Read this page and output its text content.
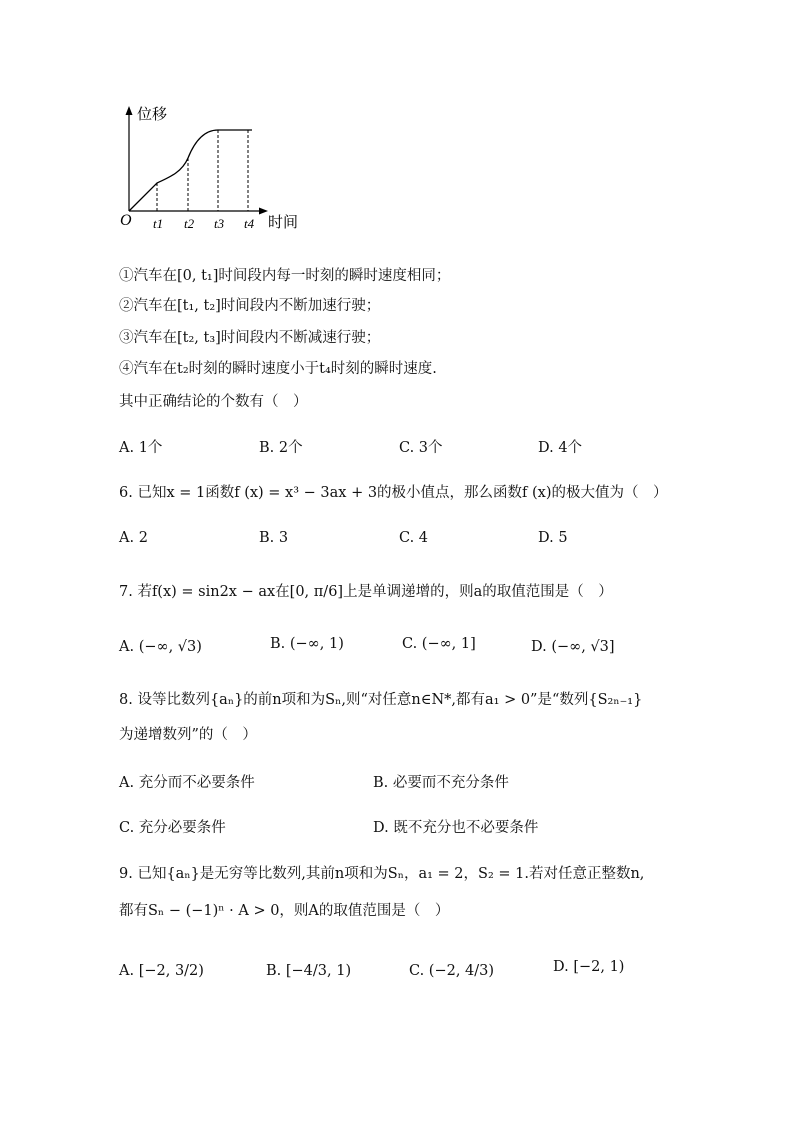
位移
O t1 t2 t3 t4 时间
①汽车在[0, t₁]时间段内每一时刻的瞬时速度相同；
②汽车在[t₁, t₂]时间段内不断加速行驶；
③汽车在[t₂, t₃]时间段内不断减速行驶；
④汽车在t₂时刻的瞬时速度小于t₄时刻的瞬时速度.
其中正确结论的个数有（　）
A. 1个	B. 2个	C. 3个	D. 4个
6. 已知x = 1函数f (x) = x³ − 3ax + 3的极小值点，那么函数f (x)的极大值为（　）
A. 2	B. 3	C. 4	D. 5
7. 若f(x) = sin2x − ax在[0, π/6]上是单调递增的，则a的取值范围是（　）
A. (−∞, √3)	B. (−∞, 1)	C. (−∞, 1]	D. (−∞, √3]
8. 设等比数列{aₙ}的前n项和为Sₙ,则“对任意n∈N*,都有a₁ > 0”是“数列{S₂ₙ₋₁}
为递增数列”的（　）
A. 充分而不必要条件	B. 必要而不充分条件
C. 充分必要条件	D. 既不充分也不必要条件
9. 已知{aₙ}是无穷等比数列,其前n项和为Sₙ，a₁ = 2，S₂ = 1.若对任意正整数n,
都有Sₙ − (−1)ⁿ · A > 0，则A的取值范围是（　）
A. [−2, 3/2)	B. [−4/3, 1)	C. (−2, 4/3)	D. [−2, 1)
